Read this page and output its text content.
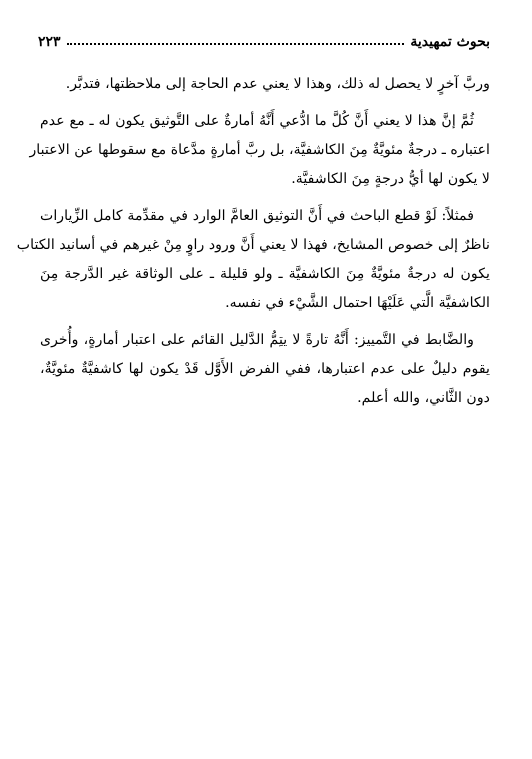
بحوث تمهيدية
٢٢٣

وربَّ آخرٍ لا يحصل له ذلك، وهذا لا يعني عدم الحاجة إلى ملاحظتها، فتدبَّر.

ثُمَّ إنَّ هذا لا يعني أَنَّ كُلَّ ما ادُّعي أَنَّهُ أمارةٌ على التَّوثيق يكون له ـ مع عدم
اعتباره ـ درجةٌ مئويَّةٌ مِنَ الكاشفيَّة، بل ربَّ أمارةٍ مدَّعاة مع سقوطها عن الاعتبار
لا يكون لها أيُّ درجةٍ مِنَ الكاشفيَّة.

فمثلاً: لَوْ قطع الباحث في أَنَّ التوثيق العامَّ الوارد في مقدِّمة كامل الزِّيارات
ناظرٌ إلى خصوص المشايخ، فهذا لا يعني أَنَّ ورود راوٍ مِنْ غيرهم في أسانيد الكتاب
يكون له درجةٌ مئويَّةٌ مِنَ الكاشفيَّة ـ ولو قليلة ـ على الوثاقة غير الدَّرجة مِنَ
الكاشفيَّة الَّتي عَلَيْهَا احتمال الشَّيْء في نفسه.

والضَّابط في التَّمييز: أَنَّهُ تارةً لا يتِمُّ الدَّليل القائم على اعتبار أمارةٍ، وأُخرى
يقوم دليلٌ على عدم اعتبارها، ففي الفرض الأَوَّل قَدْ يكون لها كاشفيَّةٌ مئويَّةٌ،
دون الثَّاني، والله أعلم.
